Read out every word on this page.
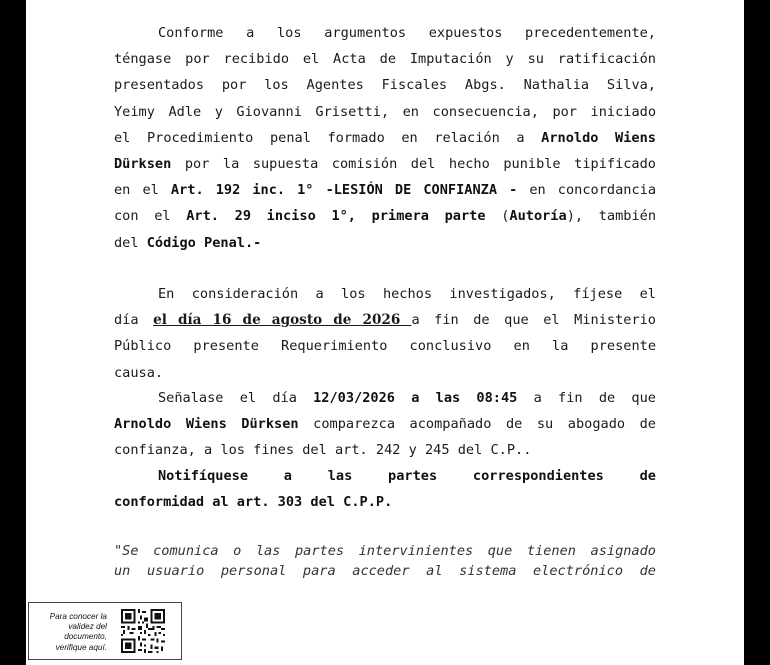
Conforme a los argumentos expuestos precedentemente,
téngase por recibido el Acta de Imputación y su ratificación
presentados por los Agentes Fiscales Abgs. Nathalia Silva,
Yeimy Adle y Giovanni Grisetti, en consecuencia, por iniciado
el Procedimiento penal formado en relación a Arnoldo Wiens
Dürksen por la supuesta comisión del hecho punible tipificado
en el Art. 192 inc. 1° -LESIÓN DE CONFIANZA - en concordancia
con el Art. 29 inciso 1°, primera parte (Autoría), también
del Código Penal.-
En consideración a los hechos investigados, fíjese el
día el día 16 de agosto de 2026 a fin de que el Ministerio
Público presente Requerimiento conclusivo en la presente
causa.
Señalase el día 12/03/2026 a las 08:45 a fin de que
Arnoldo Wiens Dürksen comparezca acompañado de su abogado de
confianza, a los fines del art. 242 y 245 del C.P..
Notifíquese a las partes correspondientes de
conformidad al art. 303 del C.P.P.
"Se comunica o las partes intervinientes que tienen asignado
un usuario personal para acceder al sistema electrónico de
Para conocer la
validez del
documento,
verifique aquí.
